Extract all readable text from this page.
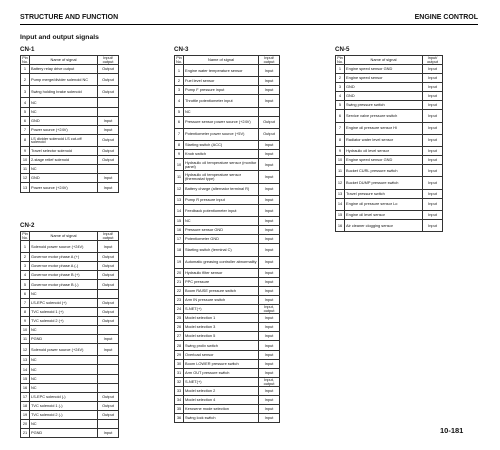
STRUCTURE AND FUNCTION	ENGINE CONTROL
Input and output signals
CN-1
Pin No.	Name of signal	Input/ output
1	Battery relay drive output	Output
2	Pump merge/divider solenoid NC	Output
3	Swing holding brake solenoid	Output
4	NC	
5	NC	
6	GND	Input
7	Power source (+24V)	Input
8	LS divider solenoid LS cut-off solenoid	Output
9	Travel selector solenoid	Output
10	2-stage relief solenoid	Output
11	NC	
12	GND	Input
13	Power source (+24V)	Input
CN-2
Pin No.	Name of signal	Input/ output
1	Solenoid power source (+24V)	Input
2	Governor motor phase A (+)	Output
3	Governor motor phase A (-)	Output
4	Governor motor phase B (+)	Output
5	Governor motor phase B (-)	Output
6	NC	
7	LS-EPC solenoid (+)	Output
8	TVC solenoid 1 (+)	Output
9	TVC solenoid 2 (+)	Output
10	NC	
11	PGND	Input
12	Solenoid power source (+24V)	Input
13	NC	
14	NC	
15	NC	
16	NC	
17	LS-EPC solenoid (-)	Output
18	TVC solenoid 1 (-)	Output
19	TVC solenoid 2 (-)	Output
20	NC	
21	PGND	Input
CN-3
Pin No.	Name of signal	Input/ output
1	Engine water temperature sensor	Input
2	Fuel level sensor	Input
3	Pump F pressure input	Input
4	Throttle potentiometer input	Input
5	NC	
6	Pressure sensor power source (+24V)	Output
7	Potentiometer power source (+5V)	Output
8	Starting switch (ACC)	Input
9	Knob switch	Input
10	Hydraulic oil temperature sensor (monitor panel)	Input
11	Hydraulic oil temperature sensor (thermostat type)	Input
12	Battery charge (alternator terminal R)	Input
13	Pump R pressure input	Input
14	Feedback potentiometer input	Input
15	NC	Input
16	Pressure sensor GND	Input
17	Potentiometer GND	Input
18	Starting switch (terminal C)	Input
19	Automatic greasing controller abnormality	Input
20	Hydraulic filter sensor	Input
21	PPC pressure	Input
22	Boom RAISE pressure switch	Input
23	Arm IN pressure switch	Input
24	S-NET(+)	Input, output
25	Model selection 1	Input
26	Model selection 3	Input
27	Model selection 5	Input
28	Swing prolix switch	Input
29	Overload sensor	Input
30	Boom LOWER pressure switch	Input
31	Arm OUT pressure switch	Input
32	S-NET(+)	Input, output
33	Model selection 2	Input
34	Model selection 4	Input
35	Kerosene mode selection	Input
36	Swing lock switch	Input
CN-5
Pin No.	Name of signal	Input/ output
1	Engine speed sensor GND	Input
2	Engine speed sensor	Input
3	GND	Input
4	GND	Input
5	Swing pressure switch	Input
6	Service valve pressure switch	Input
7	Engine oil pressure sensor Hi	Input
8	Radiator water level sensor	Input
9	Hydraulic oil level sensor	Input
10	Engine speed sensor GND	Input
11	Bucket CURL pressure switch	Input
12	Bucket DUMP pressure switch	Input
13	Travel pressure switch	Input
14	Engine oil pressure sensor Lo	Input
15	Engine oil level sensor	Input
16	Air cleaner clogging sensor	Input
10-181
